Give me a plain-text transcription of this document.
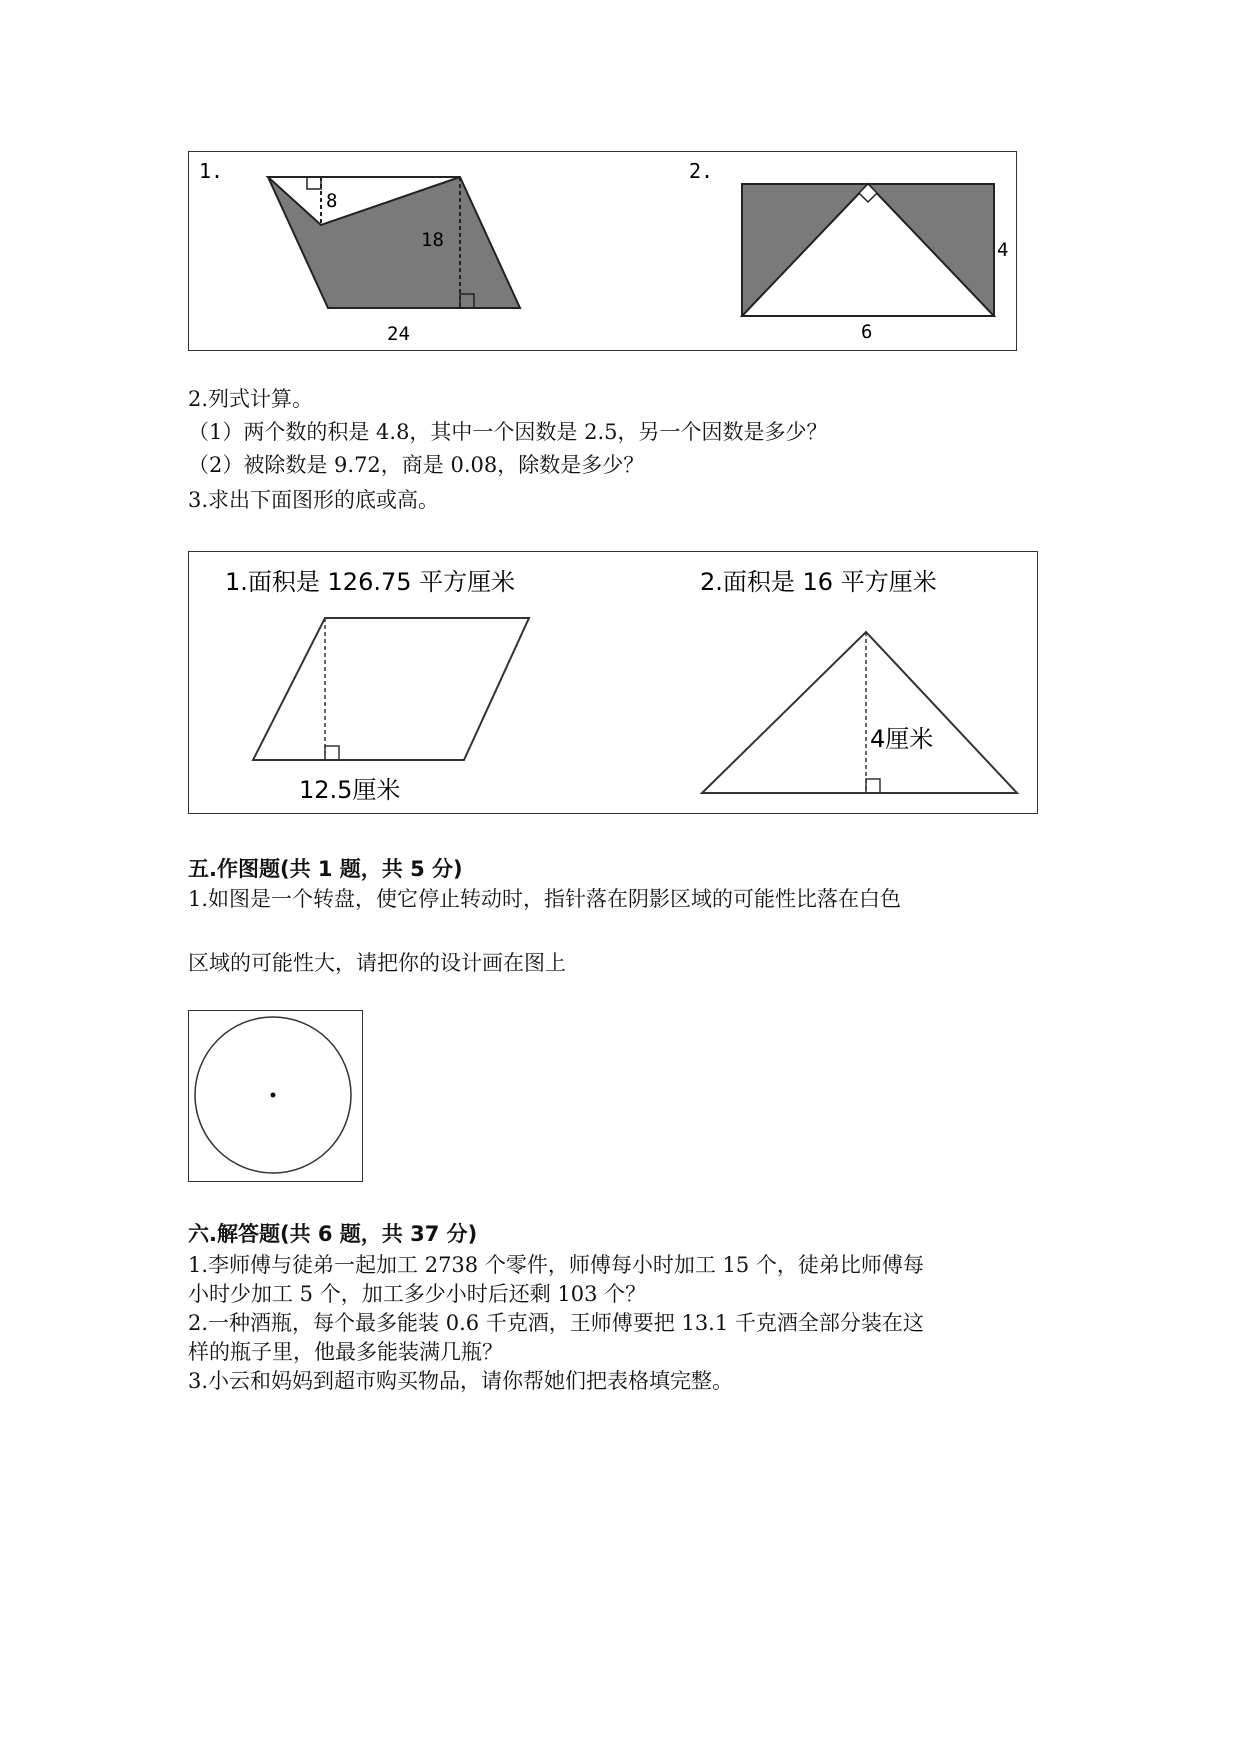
1.
8
18
24
2.
4
6
2.列式计算。
（1）两个数的积是 4.8，其中一个因数是 2.5，另一个因数是多少？
（2）被除数是 9.72，商是 0.08，除数是多少？
3.求出下面图形的底或高。
1.面积是 126.75 平方厘米
12.5厘米
2.面积是 16 平方厘米
4厘米
五.作图题(共 1 题，共 5 分)
1.如图是一个转盘，使它停止转动时，指针落在阴影区域的可能性比落在白色
区域的可能性大，请把你的设计画在图上
六.解答题(共 6 题，共 37 分)
1.李师傅与徒弟一起加工 2738 个零件，师傅每小时加工 15 个，徒弟比师傅每
小时少加工 5 个，加工多少小时后还剩 103 个？
2.一种酒瓶，每个最多能装 0.6 千克酒，王师傅要把 13.1 千克酒全部分装在这
样的瓶子里，他最多能装满几瓶？
3.小云和妈妈到超市购买物品，请你帮她们把表格填完整。
